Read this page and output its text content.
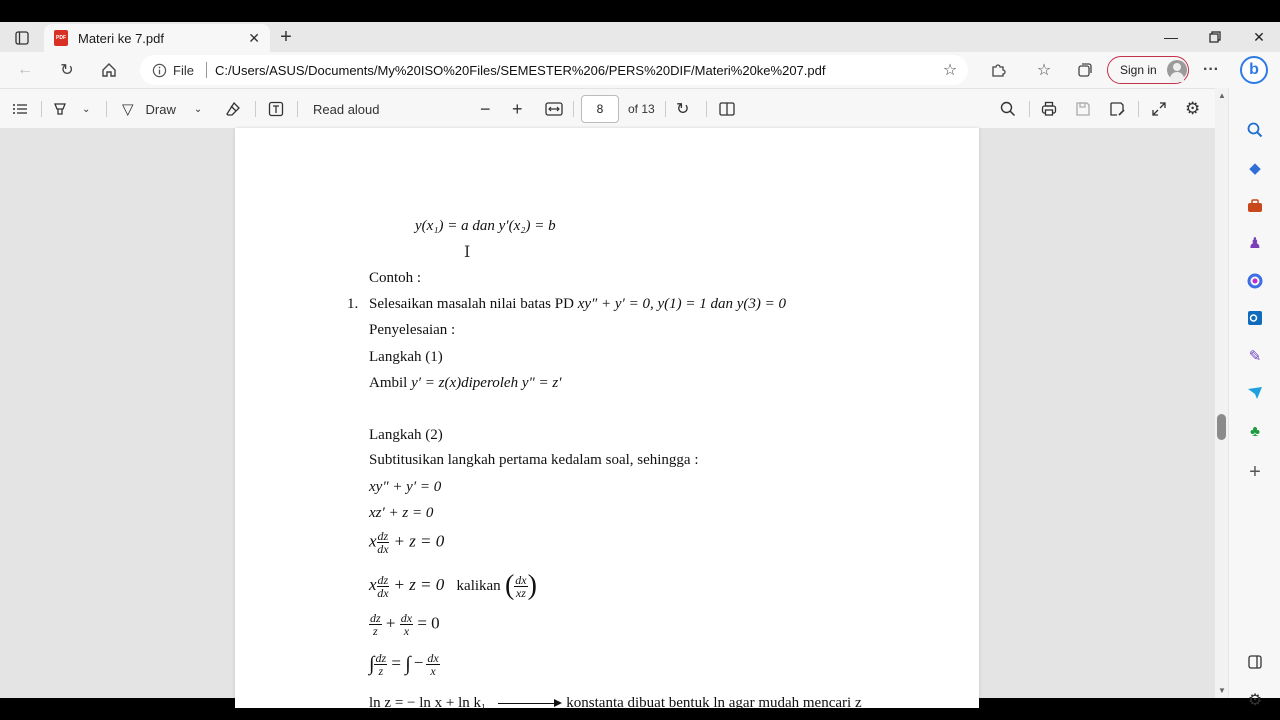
PDF Materi ke 7.pdf	✕ +	—	✕
← ↻	File C:/Users/ASUS/Documents/My%20ISO%20Files/SEMESTER%206/PERS%20DIF/Materi%20ke%207.pdf	☆	☆	Sign in	··· b
⌄ ▽ Draw ⌄	Read aloud	− +	8	of 13 ↻	⚙
y(x₁) = a dan y′(x₂) = b
Ⅰ
Contoh :
1. Selesaikan masalah nilai batas PD xy″ + y′ = 0, y(1) = 1 dan y(3) = 0
Penyelesaian :
Langkah (1)
Ambil y′ = z(x)diperoleh y" = z′
Langkah (2)
Subtitusikan langkah pertama kedalam soal, sehingga :
xy″ + y′ = 0
xz′ + z = 0
x $\frac{dz}{dx} + z = 0$
x $\frac{dz}{dx} + z = 0$ kalikan ( $\frac{dx}{xz}$ )
$\frac{dz}{z} + \frac{dx}{x} = 0$
∫ $\frac{dz}{z}$ = ∫ − $\frac{dx}{x}$
ln z = − ln x + ln k₁	konstanta dibuat bentuk ln agar mudah mencari z
▲
▼
◆
♟
✎
♣
+
⚙
